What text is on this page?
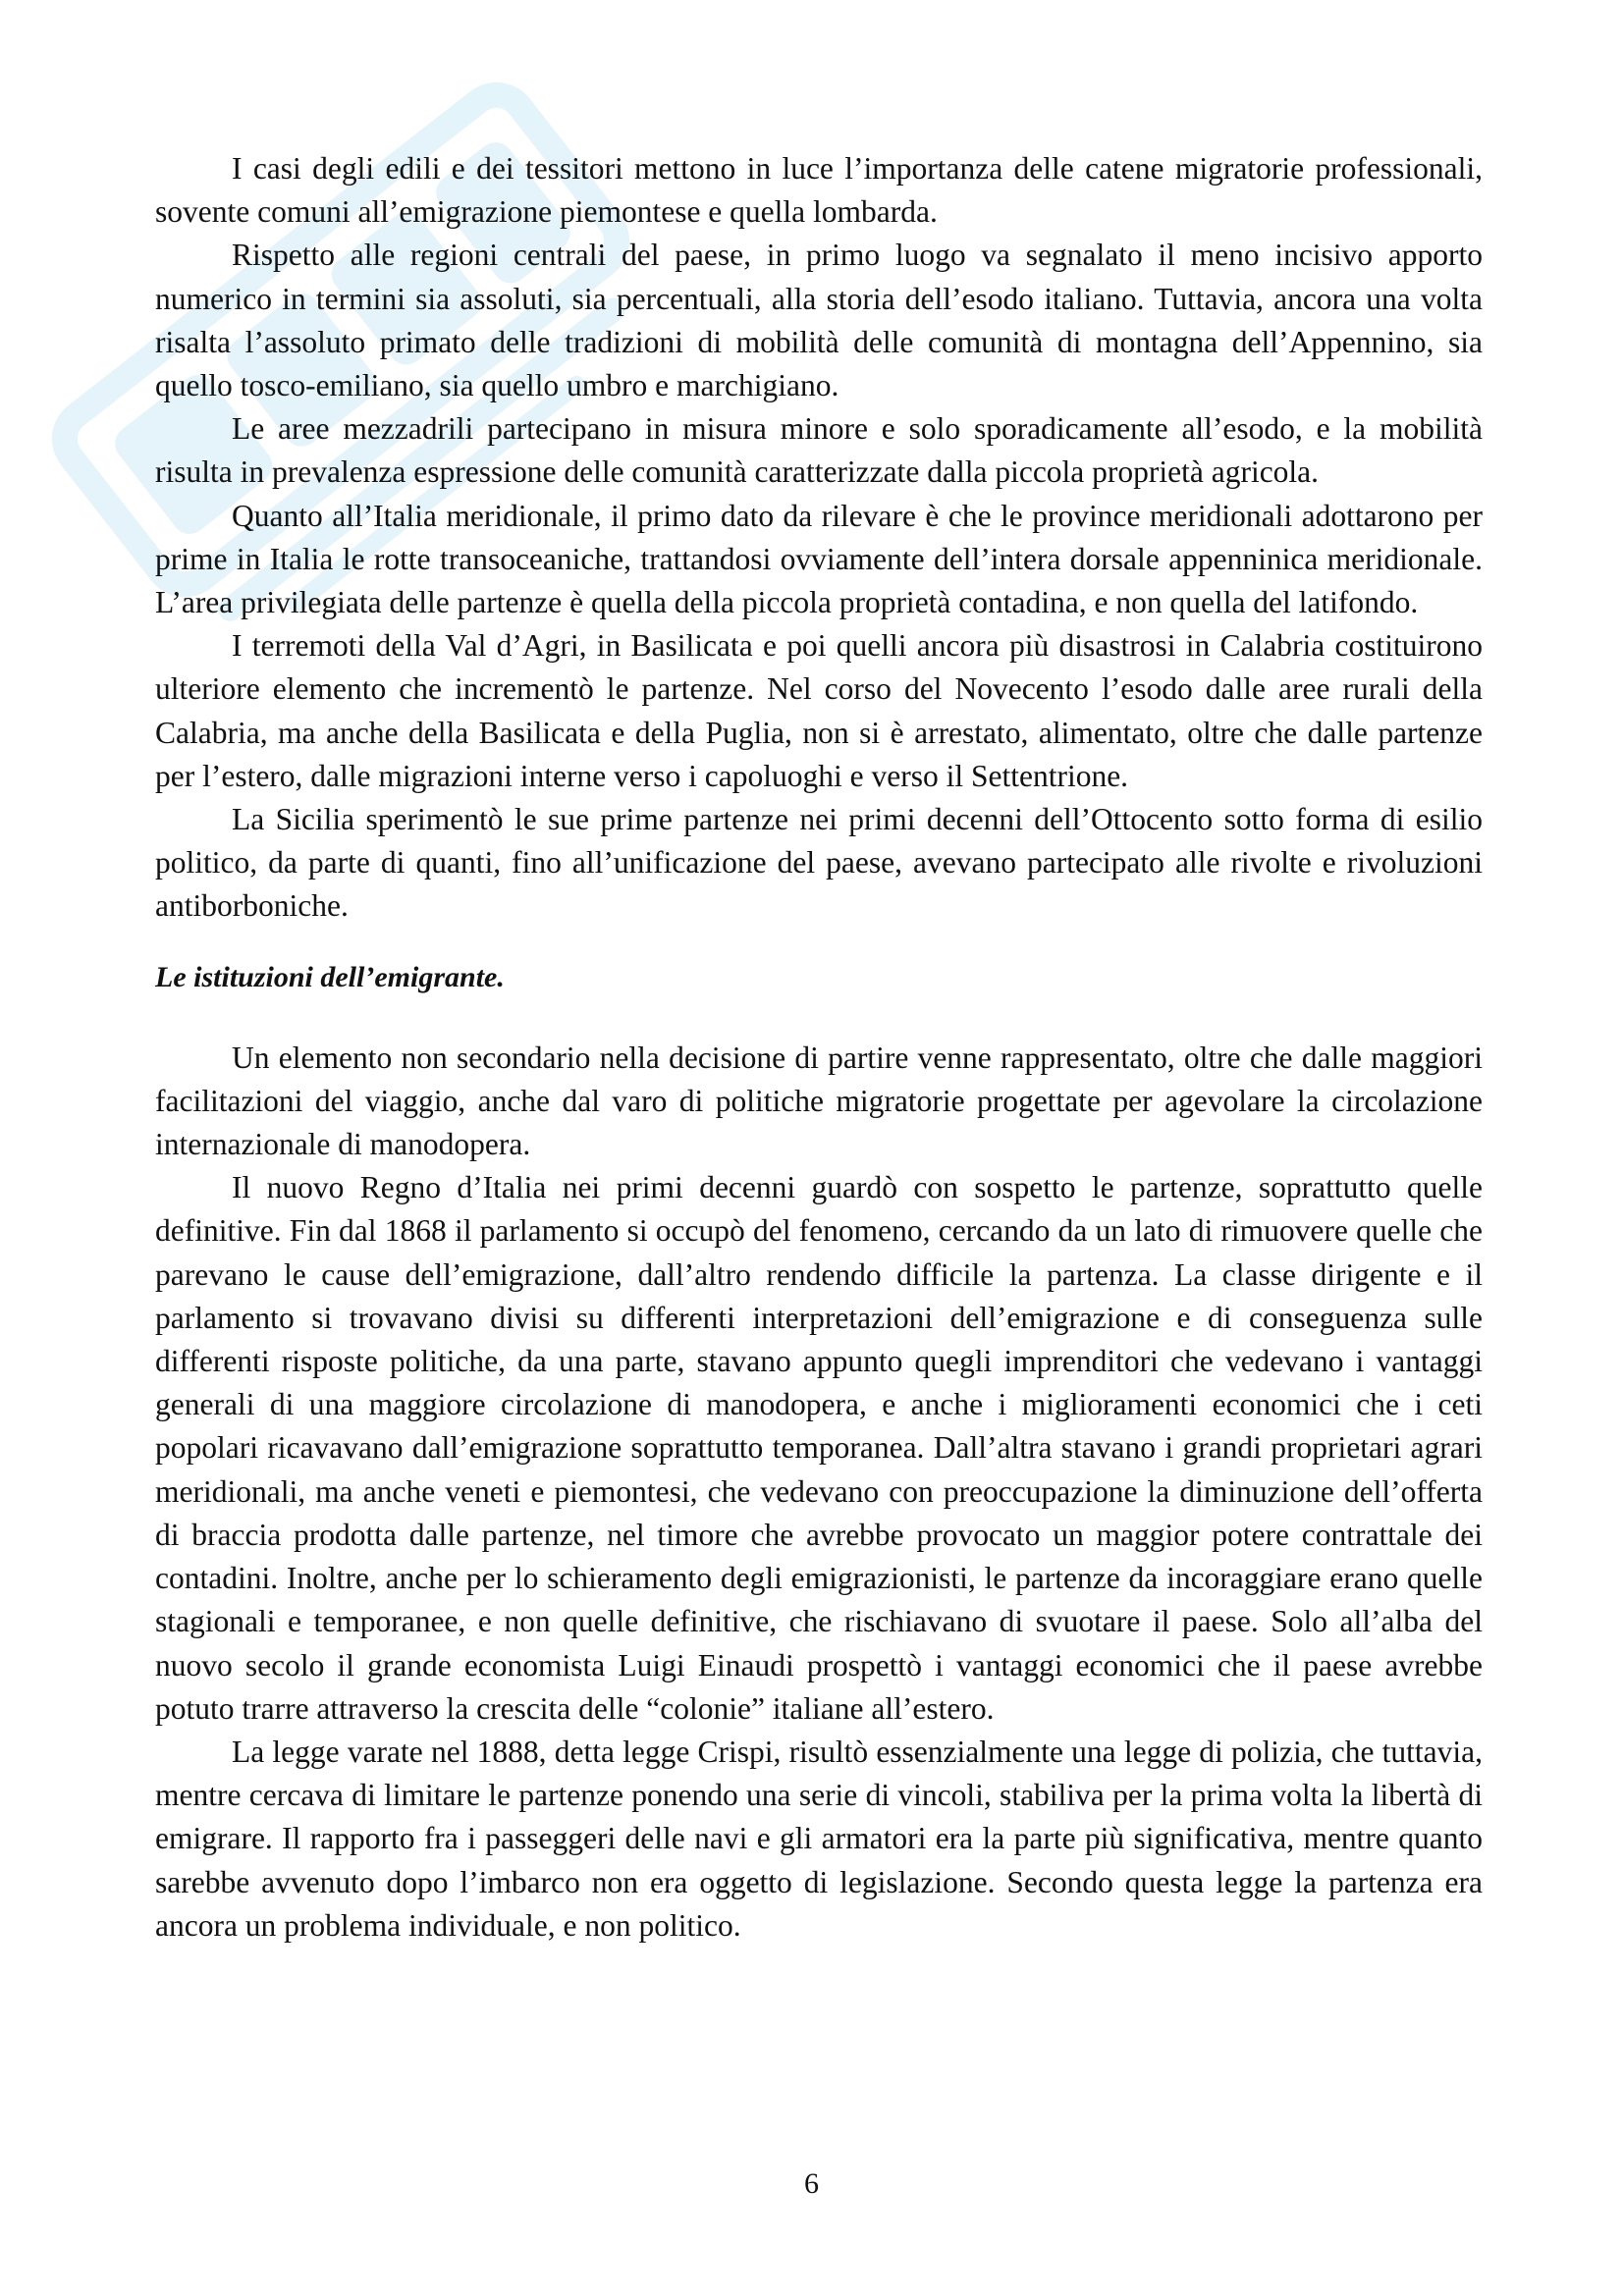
I casi degli edili e dei tessitori mettono in luce l’importanza delle catene migratorie professionali, sovente comuni all’emigrazione piemontese e quella lombarda.

Rispetto alle regioni centrali del paese, in primo luogo va segnalato il meno incisivo apporto numerico in termini sia assoluti, sia percentuali, alla storia dell’esodo italiano. Tuttavia, ancora una volta risalta l’assoluto primato delle tradizioni di mobilità delle comunità di montagna dell’Appennino, sia quello tosco-emiliano, sia quello umbro e marchigiano.

Le aree mezzadrili partecipano in misura minore e solo sporadicamente all’esodo, e la mobilità risulta in prevalenza espressione delle comunità caratterizzate dalla piccola proprietà agricola.

Quanto all’Italia meridionale, il primo dato da rilevare è che le province meridionali adottarono per prime in Italia le rotte transoceaniche, trattandosi ovviamente dell’intera dorsale appenninica meridionale. L’area privilegiata delle partenze è quella della piccola proprietà contadina, e non quella del latifondo.

I terremoti della Val d’Agri, in Basilicata e poi quelli ancora più disastrosi in Calabria costituirono ulteriore elemento che incrementò le partenze. Nel corso del Novecento l’esodo dalle aree rurali della Calabria, ma anche della Basilicata e della Puglia, non si è arrestato, alimentato, oltre che dalle partenze per l’estero, dalle migrazioni interne verso i capoluoghi e verso il Settentrione.

La Sicilia sperimentò le sue prime partenze nei primi decenni dell’Ottocento sotto forma di esilio politico, da parte di quanti, fino all’unificazione del paese, avevano partecipato alle rivolte e rivoluzioni antiborboniche.

Le istituzioni dell’emigrante.

Un elemento non secondario nella decisione di partire venne rappresentato, oltre che dalle maggiori facilitazioni del viaggio, anche dal varo di politiche migratorie progettate per agevolare la circolazione internazionale di manodopera.

Il nuovo Regno d’Italia nei primi decenni guardò con sospetto le partenze, soprattutto quelle definitive. Fin dal 1868 il parlamento si occupò del fenomeno, cercando da un lato di rimuovere quelle che parevano le cause dell’emigrazione, dall’altro rendendo difficile la partenza. La classe dirigente e il parlamento si trovavano divisi su differenti interpretazioni dell’emigrazione e di conseguenza sulle differenti risposte politiche, da una parte, stavano appunto quegli imprenditori che vedevano i vantaggi generali di una maggiore circolazione di manodopera, e anche i miglioramenti economici che i ceti popolari ricavavano dall’emigrazione soprattutto temporanea. Dall’altra stavano i grandi proprietari agrari meridionali, ma anche veneti e piemontesi, che vedevano con preoccupazione la diminuzione dell’offerta di braccia prodotta dalle partenze, nel timore che avrebbe provocato un maggior potere contrattale dei contadini. Inoltre, anche per lo schieramento degli emigrazionisti, le partenze da incoraggiare erano quelle stagionali e temporanee, e non quelle definitive, che rischiavano di svuotare il paese. Solo all’alba del nuovo secolo il grande economista Luigi Einaudi prospettò i vantaggi economici che il paese avrebbe potuto trarre attraverso la crescita delle “colonie” italiane all’estero.

La legge varate nel 1888, detta legge Crispi, risultò essenzialmente una legge di polizia, che tuttavia, mentre cercava di limitare le partenze ponendo una serie di vincoli, stabiliva per la prima volta la libertà di emigrare. Il rapporto fra i passeggeri delle navi e gli armatori era la parte più significativa, mentre quanto sarebbe avvenuto dopo l’imbarco non era oggetto di legislazione. Secondo questa legge la partenza era ancora un problema individuale, e non politico.

6
